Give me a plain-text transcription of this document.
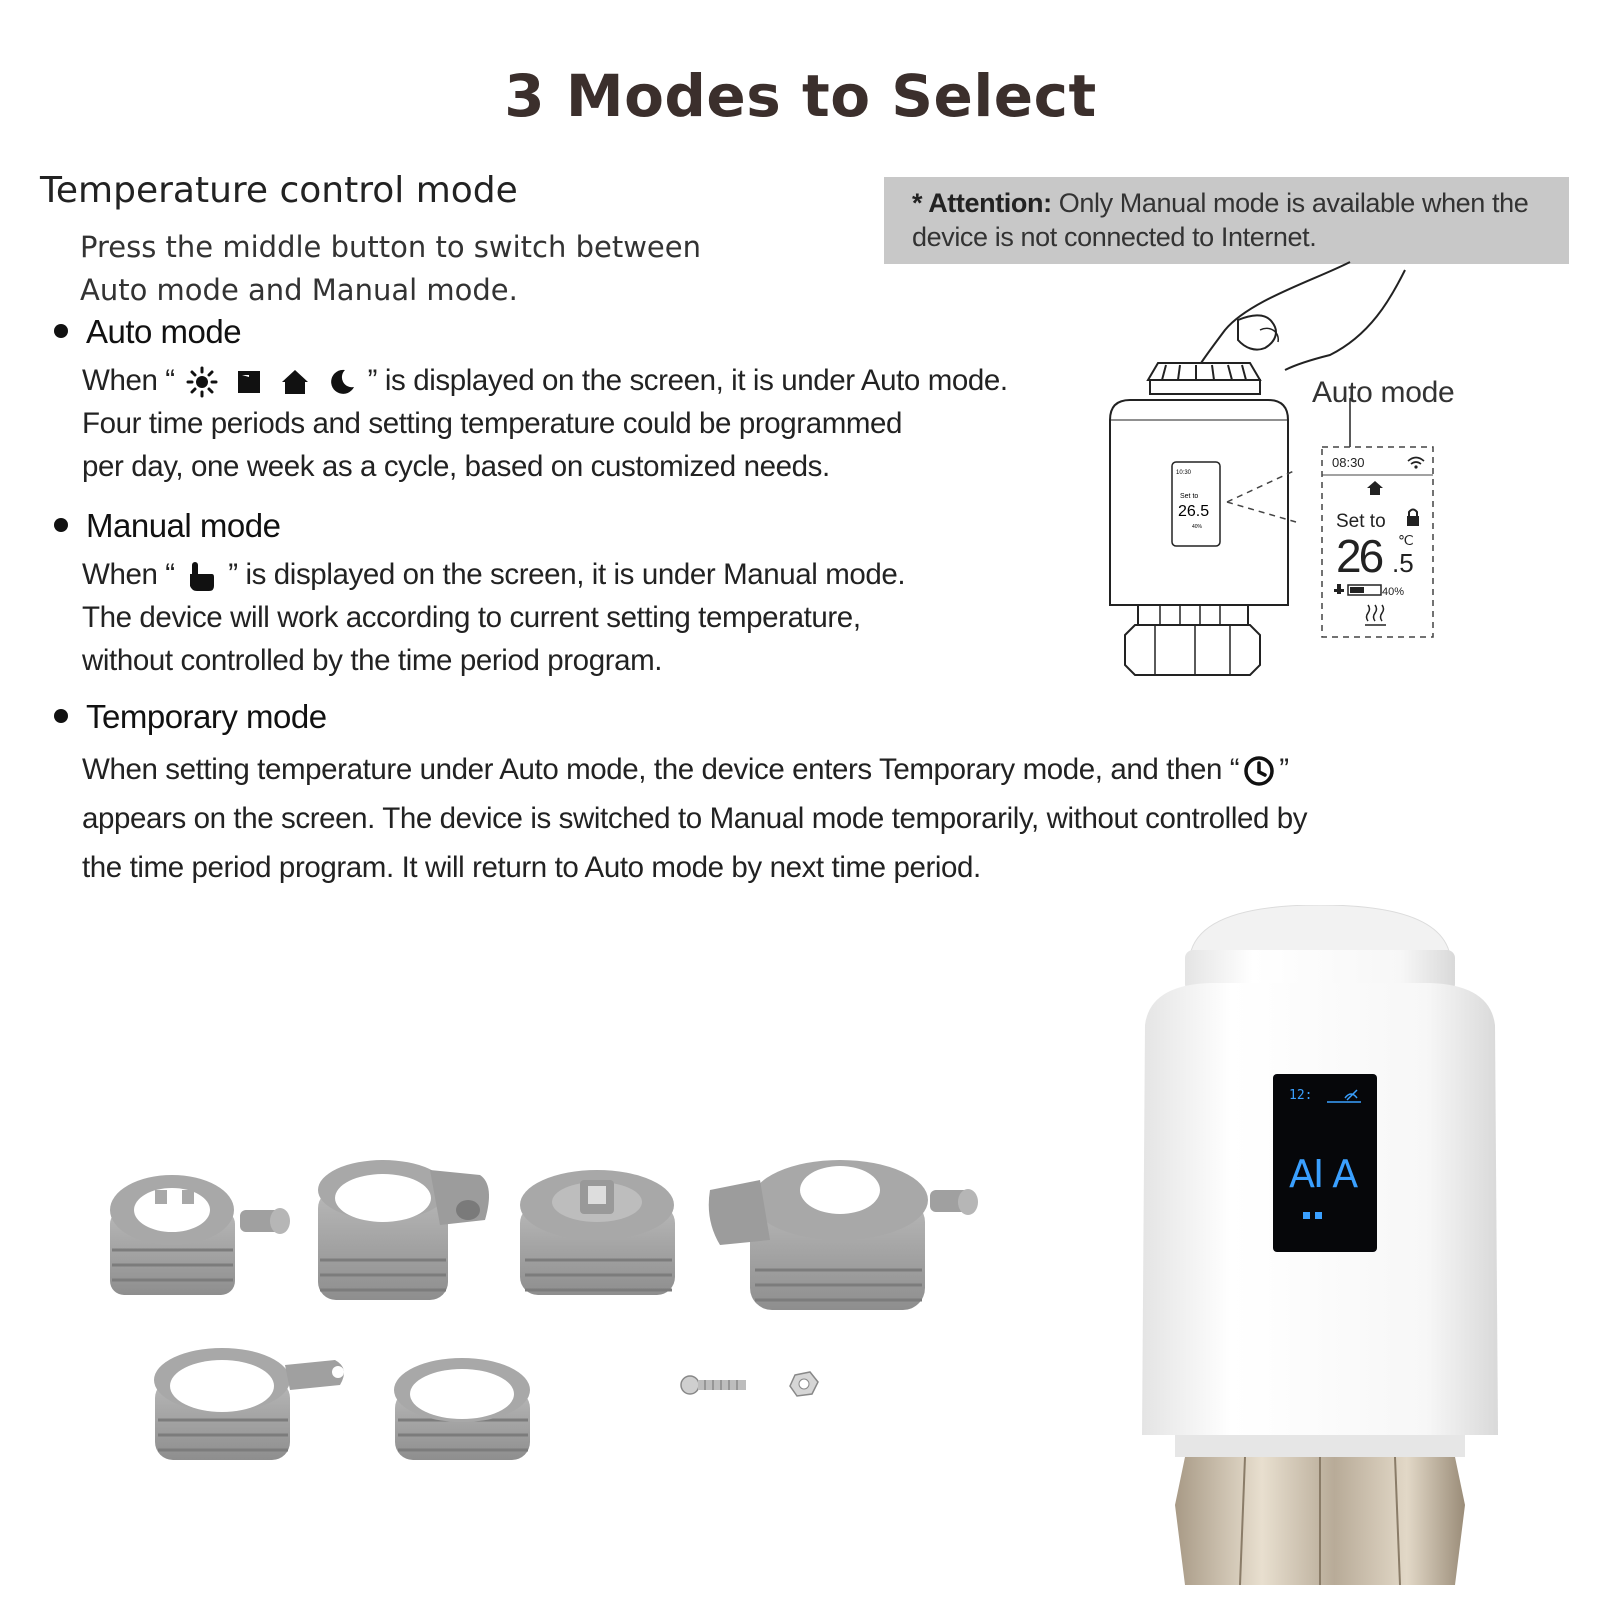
3 Modes to Select
Temperature control mode
Press the middle button to switch between
Auto mode and Manual mode.
Auto mode
When “	” is displayed on the screen, it is under Auto mode.
Four time periods and setting temperature could be programmed
per day, one week as a cycle, based on customized needs.
Manual mode
When “ ” is displayed on the screen, it is under Manual mode.
The device will work according to current setting temperature,
without controlled by the time period program.
Temporary mode
When setting temperature under Auto mode, the device enters Temporary mode, and then “ ”
appears on the screen. The device is switched to Manual mode temporarily, without controlled by
the time period program. It will return to Auto mode by next time period.
* Attention: Only Manual mode is available when the device is not connected to Internet.
Auto mode
10:30
Set to
26.5
40%
08:30
Set to
26 ℃
.5
40%
12:
AI A
